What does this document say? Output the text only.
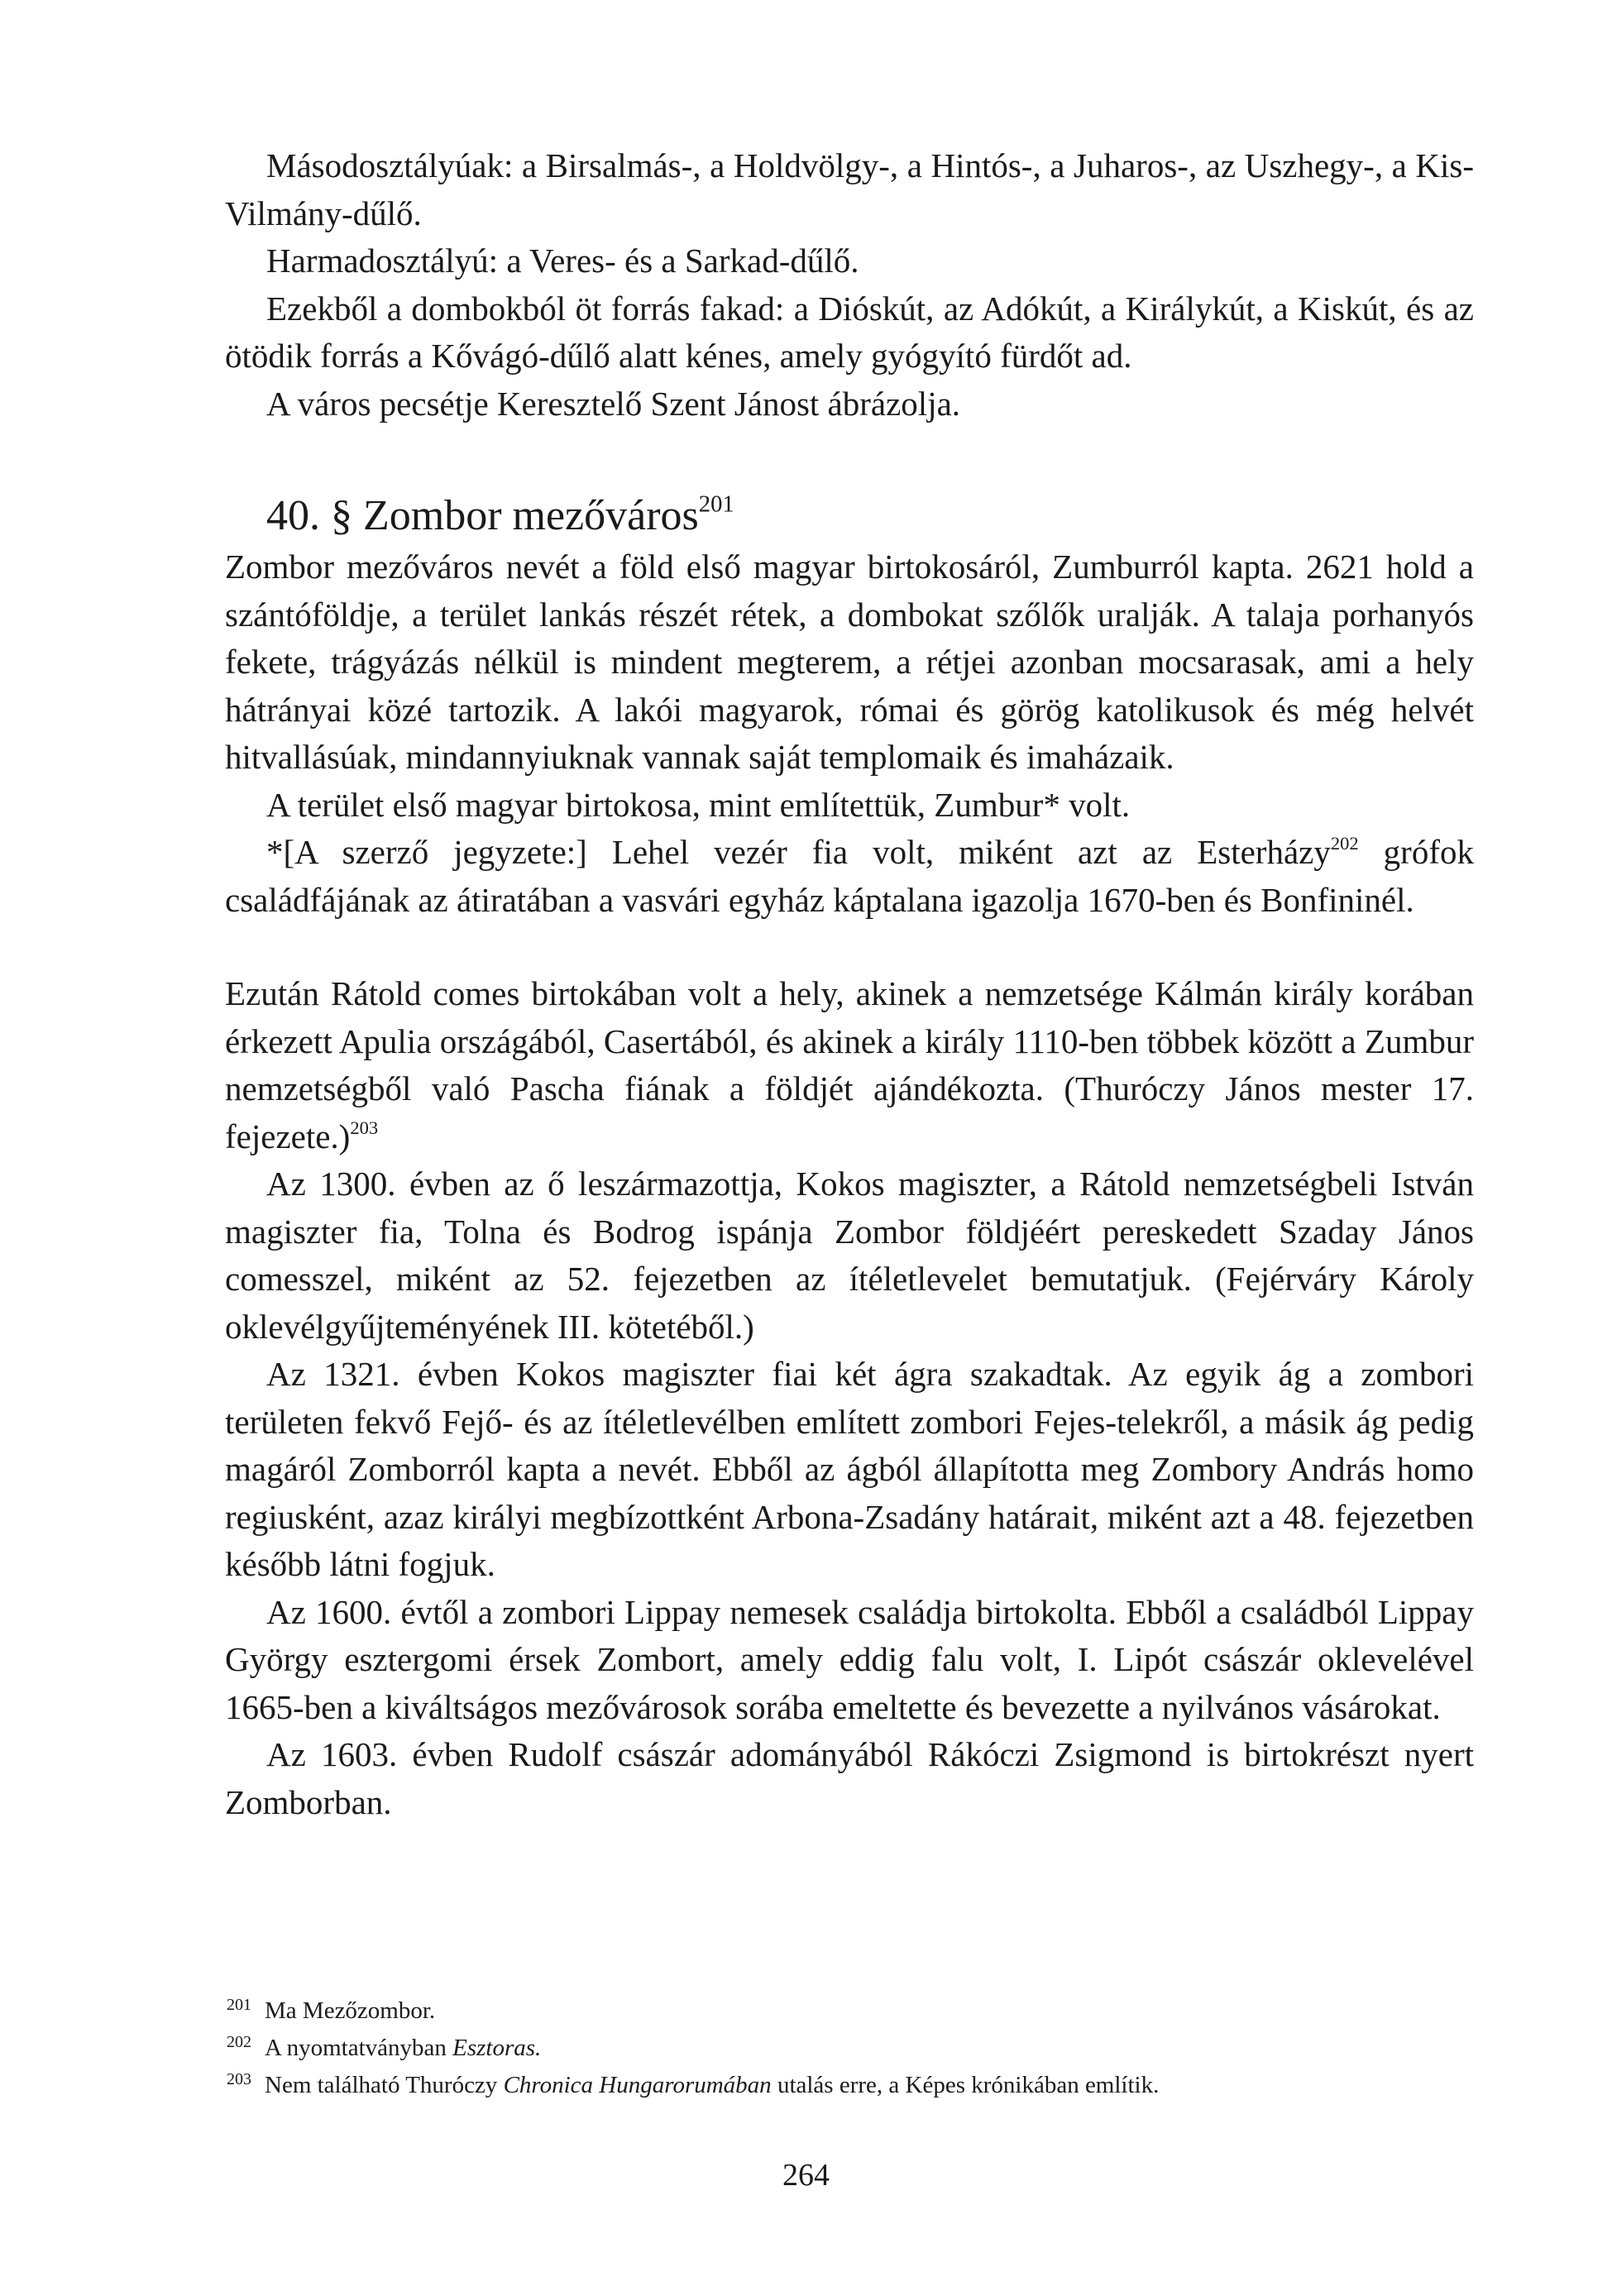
Másodosztályúak: a Birsalmás-, a Holdvölgy-, a Hintós-, a Juharos-, az Uszhegy-, a Kis-Vilmány-dűlő.

Harmadosztályú: a Veres- és a Sarkad-dűlő.

Ezekből a dombokból öt forrás fakad: a Dióskút, az Adókút, a Királykút, a Kiskút, és az ötödik forrás a Kővágó-dűlő alatt kénes, amely gyógyító fürdőt ad.

A város pecsétje Keresztelő Szent Jánost ábrázolja.

40. § Zombor mezőváros$^{201}$

Zombor mezőváros nevét a föld első magyar birtokosáról, Zumburról kapta. 2621 hold a szántóföldje, a terület lankás részét rétek, a dombokat szőlők uralják. A talaja porhanyós fekete, trágyázás nélkül is mindent megterem, a rétjei azonban mocsarasak, ami a hely hátrányai közé tartozik. A lakói magyarok, római és görög katolikusok és még helvét hitvallásúak, mindannyiuknak vannak saját templomaik és imaházaik.

A terület első magyar birtokosa, mint említettük, Zumbur* volt.

*[A szerző jegyzete:] Lehel vezér fia volt, miként azt az Esterházy$^{202}$ grófok családfájának az átiratában a vasvári egyház káptalana igazolja 1670-ben és Bonfininél.

Ezután Rátold comes birtokában volt a hely, akinek a nemzetsége Kálmán király korában érkezett Apulia országából, Casertából, és akinek a király 1110-ben többek között a Zumbur nemzetségből való Pascha fiának a földjét ajándékozta. (Thuróczy János mester 17. fejezete.)$^{203}$

Az 1300. évben az ő leszármazottja, Kokos magiszter, a Rátold nemzetségbeli István magiszter fia, Tolna és Bodrog ispánja Zombor földjéért pereskedett Szaday János comesszel, miként az 52. fejezetben az ítéletlevelet bemutatjuk. (Fejérváry Károly oklevélgyűjteményének III. kötetéből.)

Az 1321. évben Kokos magiszter fiai két ágra szakadtak. Az egyik ág a zombori területen fekvő Fejő- és az ítéletlevélben említett zombori Fejes-telekről, a másik ág pedig magáról Zomborról kapta a nevét. Ebből az ágból állapította meg Zombory András homo regiusként, azaz királyi megbízottként Arbona-Zsadány határait, miként azt a 48. fejezetben később látni fogjuk.

Az 1600. évtől a zombori Lippay nemesek családja birtokolta. Ebből a családból Lippay György esztergomi érsek Zombort, amely eddig falu volt, I. Lipót császár oklevelével 1665-ben a kiváltságos mezővárosok sorába emeltette és bevezette a nyilvános vásárokat.

Az 1603. évben Rudolf császár adományából Rákóczi Zsigmond is birtokrészt nyert Zomborban.

201 Ma Mezőzombor.
202 A nyomtatványban Esztoras.
203 Nem található Thuróczy Chronica Hungarorumában utalás erre, a Képes krónikában említik.
264
